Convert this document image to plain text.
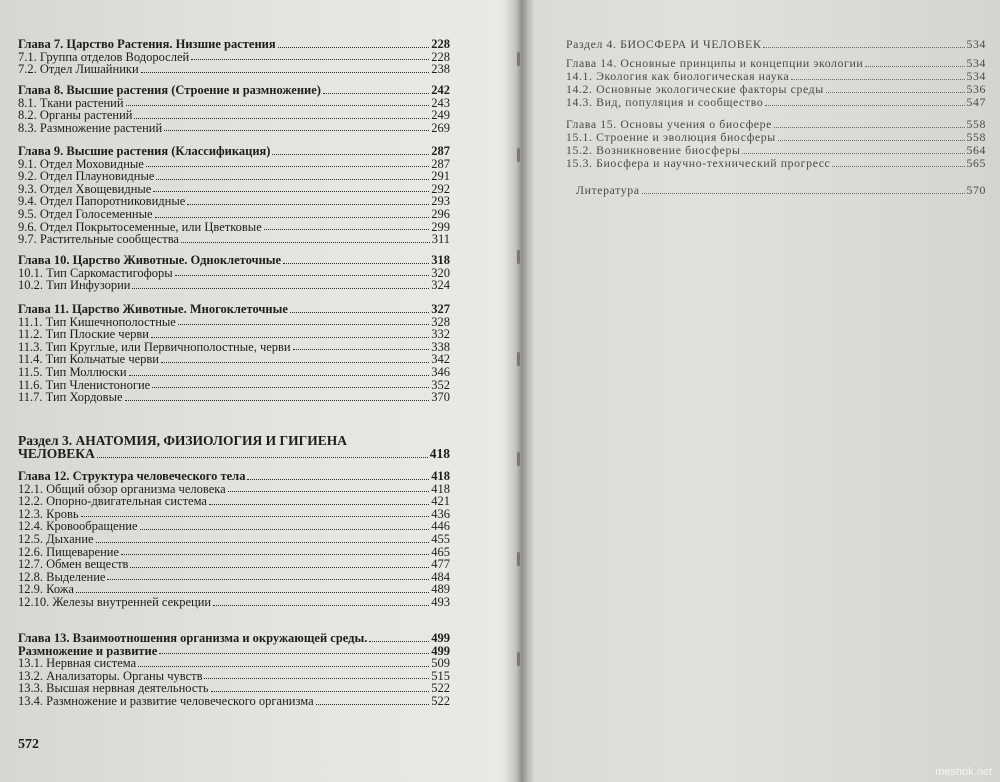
Глава 7. Царство Растения. Низшие растения	228
7.1. Группа отделов Водорослей	228
7.2. Отдел Лишайники	238
Глава 8. Высшие растения (Строение и размножение)	242
8.1. Ткани растений	243
8.2. Органы растений	249
8.3. Размножение растений	269
Глава 9. Высшие растения (Классификация)	287
9.1. Отдел Моховидные	287
9.2. Отдел Плауновидные	291
9.3. Отдел Хвощевидные	292
9.4. Отдел Папоротниковидные	293
9.5. Отдел Голосеменные	296
9.6. Отдел Покрытосеменные, или Цветковые	299
9.7. Растительные сообщества	311
Глава 10. Царство Животные. Одноклеточные	318
10.1. Тип Саркомастигофоры	320
10.2. Тип Инфузории	324
Глава 11. Царство Животные. Многоклеточные	327
11.1. Тип Кишечнополостные	328
11.2. Тип Плоские черви	332
11.3. Тип Круглые, или Первичнополостные, черви	338
11.4. Тип Кольчатые черви	342
11.5. Тип Моллюски	346
11.6. Тип Членистоногие	352
11.7. Тип Хордовые	370
Раздел 3. АНАТОМИЯ, ФИЗИОЛОГИЯ И ГИГИЕНА
ЧЕЛОВЕКА	418
Глава 12. Структура человеческого тела	418
12.1. Общий обзор организма человека	418
12.2. Опорно-двигательная система	421
12.3. Кровь	436
12.4. Кровообращение	446
12.5. Дыхание	455
12.6. Пищеварение	465
12.7. Обмен веществ	477
12.8. Выделение	484
12.9. Кожа	489
12.10. Железы внутренней секреции	493
Глава 13. Взаимоотношения организма и окружающей среды.	499
Размножение и развитие	499
13.1. Нервная система	509
13.2. Анализаторы. Органы чувств	515
13.3. Высшая нервная деятельность	522
13.4. Размножение и развитие человеческого организма	522
572
Раздел 4. БИОСФЕРА И ЧЕЛОВЕК	534
Глава 14. Основные принципы и концепции экологии	534
14.1. Экология как биологическая наука	534
14.2. Основные экологические факторы среды	536
14.3. Вид, популяция и сообщество	547
Глава 15. Основы учения о биосфере	558
15.1. Строение и эволюция биосферы	558
15.2. Возникновение биосферы	564
15.3. Биосфера и научно-технический прогресс	565
Литература	570
meshok.net
